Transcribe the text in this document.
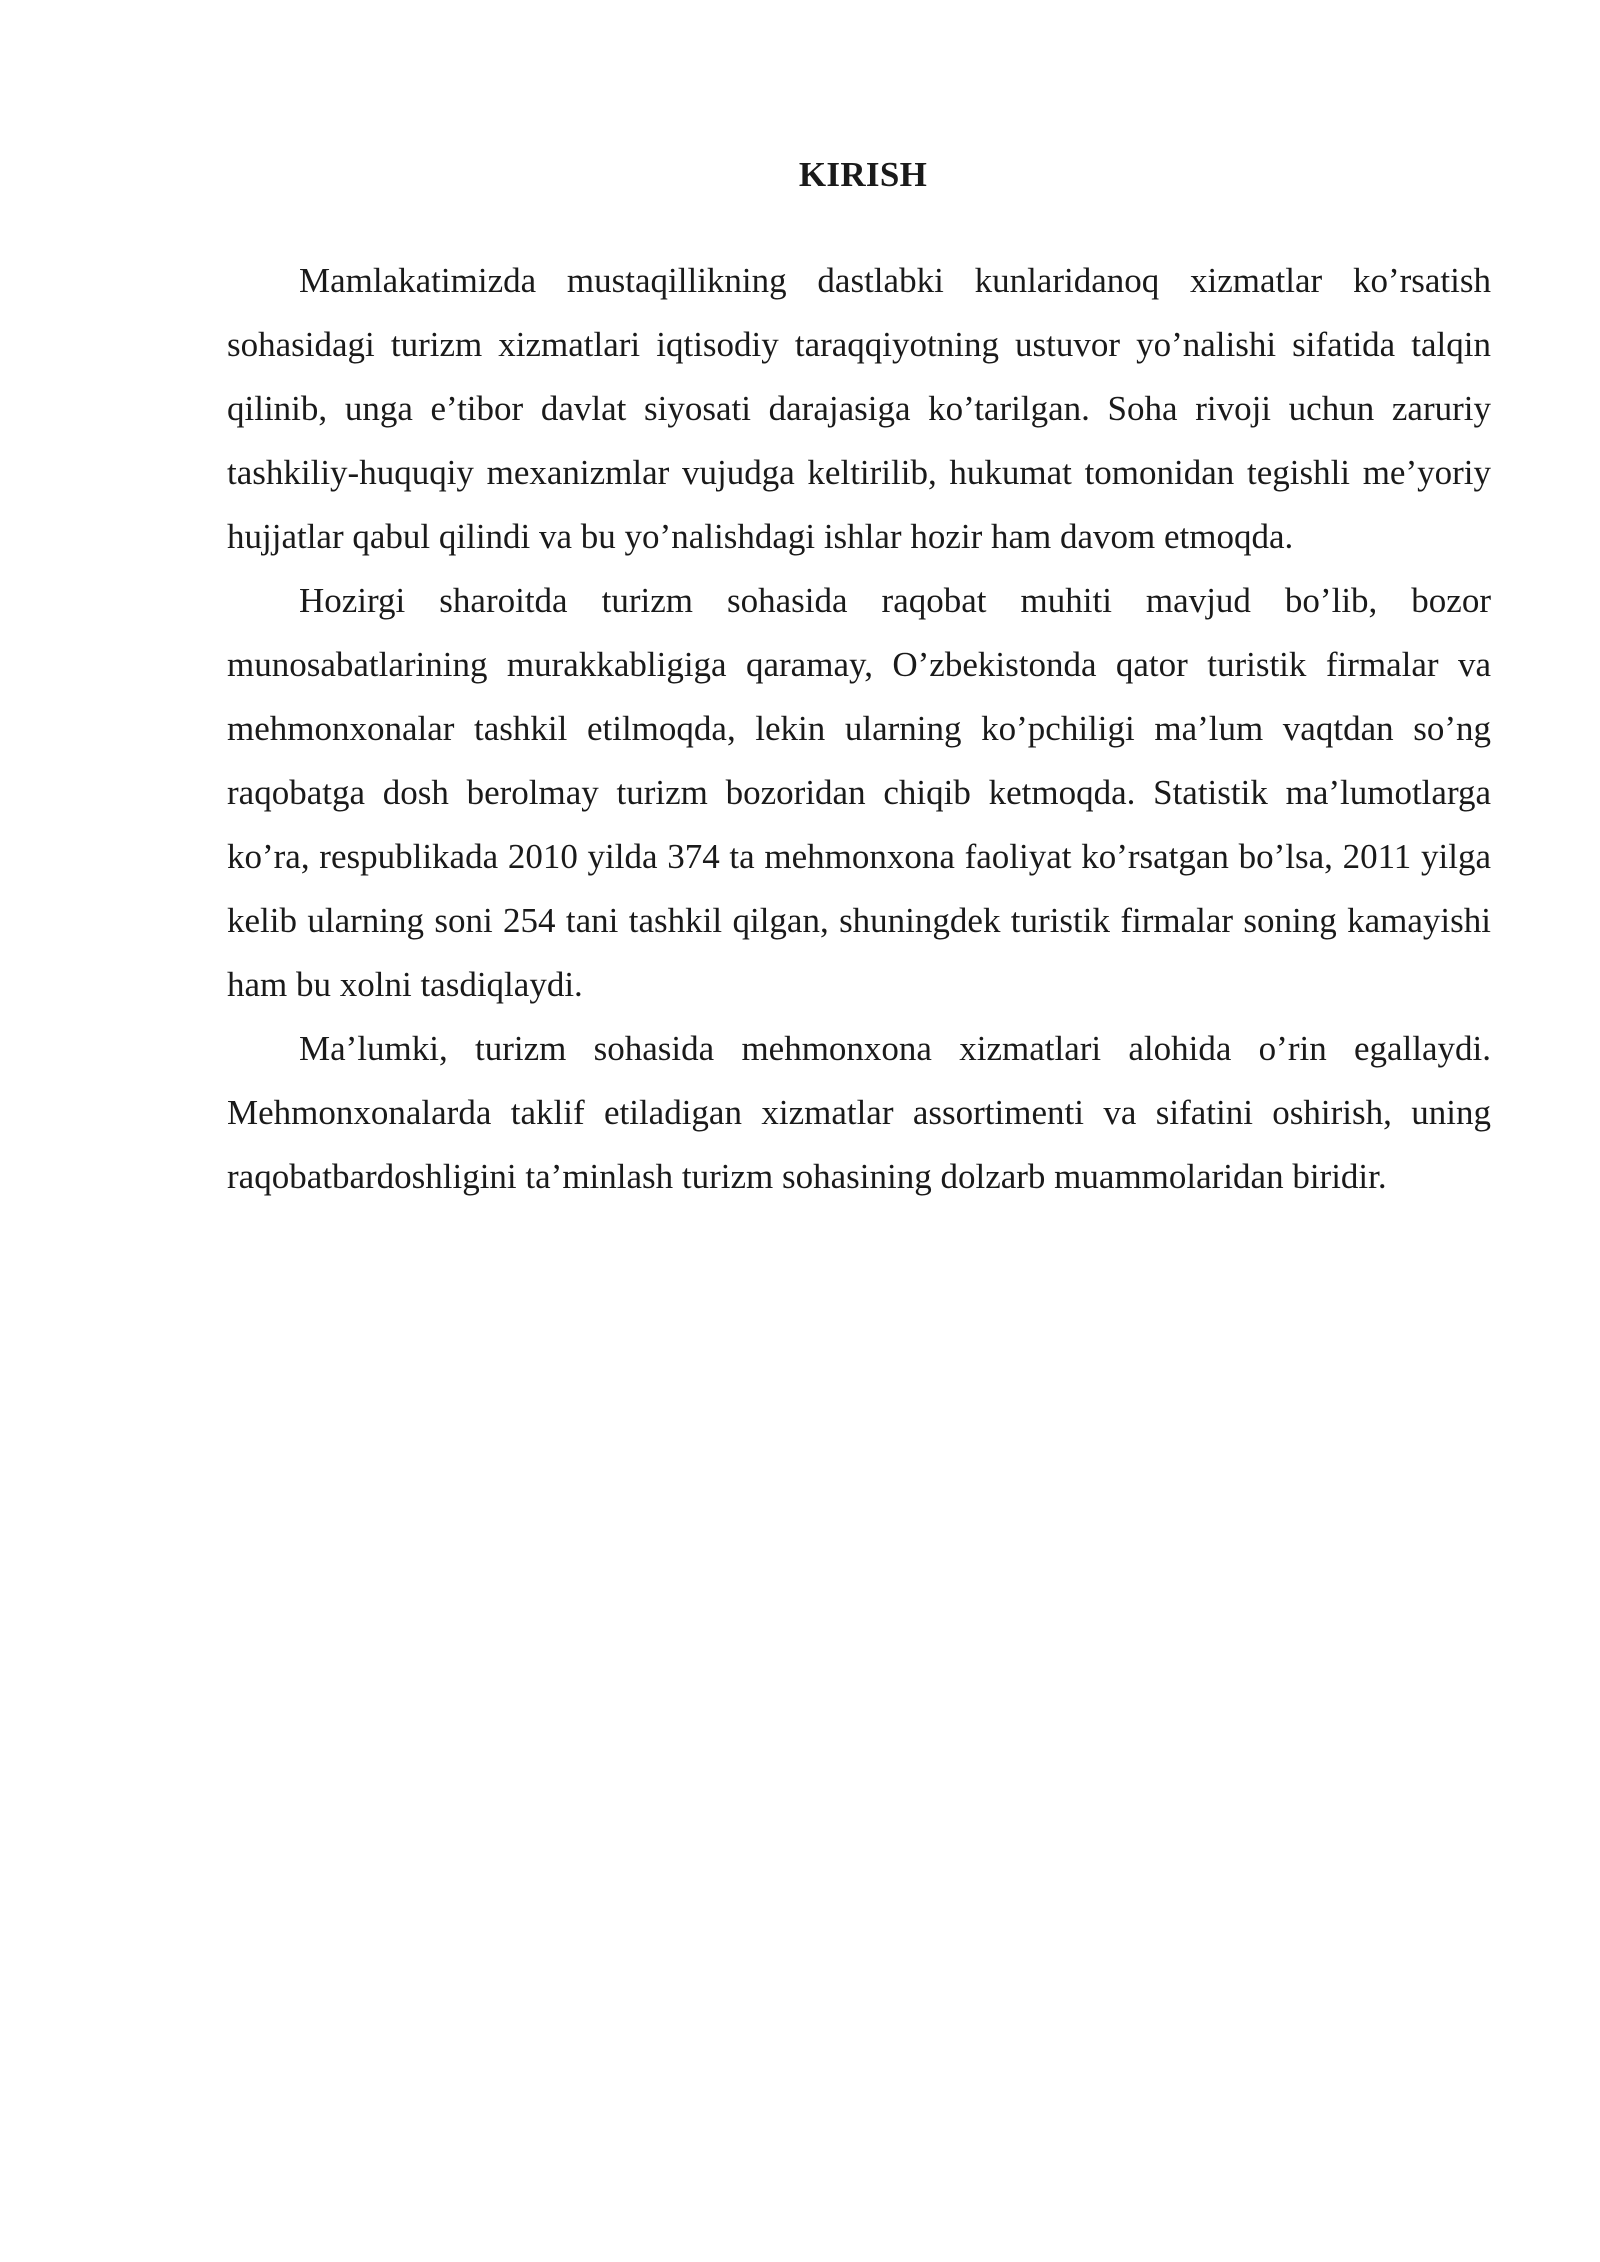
KIRISH

Mamlakatimizda mustaqillikning dastlabki kunlaridanoq xizmatlar ko’rsatish sohasidagi turizm xizmatlari iqtisodiy taraqqiyotning ustuvor yo’nalishi sifatida talqin qilinib, unga e’tibor davlat siyosati darajasiga ko’tarilgan. Soha rivoji uchun zaruriy tashkiliy-huquqiy mexanizmlar vujudga keltirilib, hukumat tomonidan tegishli me’yoriy hujjatlar qabul qilindi va bu yo’nalishdagi ishlar hozir ham davom etmoqda.

Hozirgi sharoitda turizm sohasida raqobat muhiti mavjud bo’lib, bozor munosabatlarining murakkabligiga qaramay, O’zbekistonda qator turistik firmalar va mehmonxonalar tashkil etilmoqda, lekin ularning ko’pchiligi ma’lum vaqtdan so’ng raqobatga dosh berolmay turizm bozoridan chiqib ketmoqda. Statistik ma’lumotlarga ko’ra, respublikada 2010 yilda 374 ta mehmonxona faoliyat ko’rsatgan bo’lsa, 2011 yilga kelib ularning soni 254 tani tashkil qilgan, shuningdek turistik firmalar soning kamayishi ham bu xolni tasdiqlaydi.

Ma’lumki, turizm sohasida mehmonxona xizmatlari alohida o’rin egallaydi. Mehmonxonalarda taklif etiladigan xizmatlar assortimenti va sifatini oshirish, uning raqobatbardoshligini ta’minlash turizm sohasining dolzarb muammolaridan biridir.
